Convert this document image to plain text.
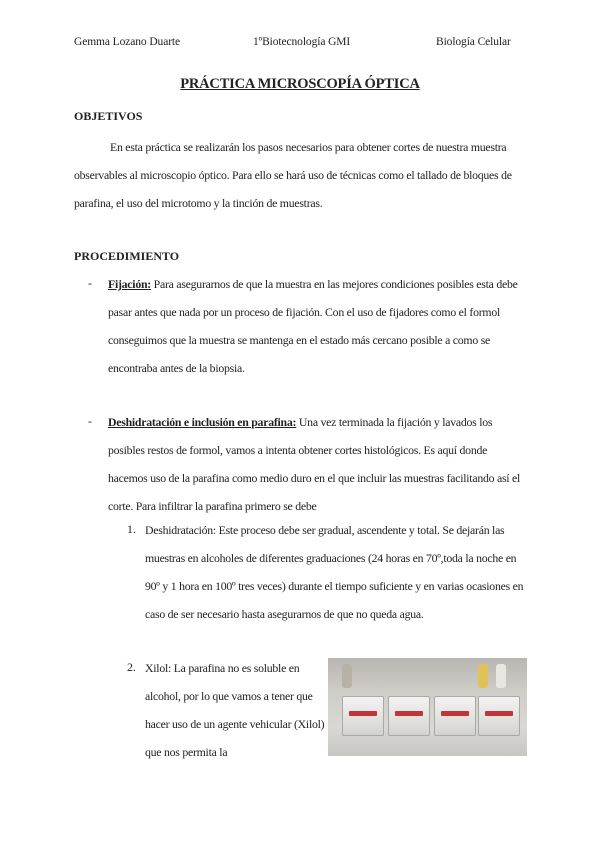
Gemma Lozano Duarte	1ºBiotecnología GMI	Biología Celular
PRÁCTICA MICROSCOPÍA ÓPTICA
OBJETIVOS
En esta práctica se realizarán los pasos necesarios para obtener cortes de nuestra muestra observables al microscopio óptico. Para ello se hará uso de técnicas como el tallado de bloques de parafina, el uso del microtomo y la tinción de muestras.
PROCEDIMIENTO
- Fijación: Para asegurarnos de que la muestra en las mejores condiciones posibles esta debe pasar antes que nada por un proceso de fijación. Con el uso de fijadores como el formol conseguimos que la muestra se mantenga en el estado más cercano posible a como se encontraba antes de la biopsia.
- Deshidratación e inclusión en parafina: Una vez terminada la fijación y lavados los posibles restos de formol, vamos a intenta obtener cortes histológicos. Es aquí donde hacemos uso de la parafina como medio duro en el que incluir las muestras facilitando así el corte. Para infiltrar la parafina primero se debe
1. Deshidratación: Este proceso debe ser gradual, ascendente y total. Se dejarán las muestras en alcoholes de diferentes graduaciones (24 horas en 70º,toda la noche en 90º y 1 hora en 100º tres veces) durante el tiempo suficiente y en varias ocasiones en caso de ser necesario hasta asegurarnos de que no queda agua.
2. Xilol: La parafina no es soluble en alcohol, por lo que vamos a tener que hacer uso de un agente vehicular (Xilol) que nos permita la
